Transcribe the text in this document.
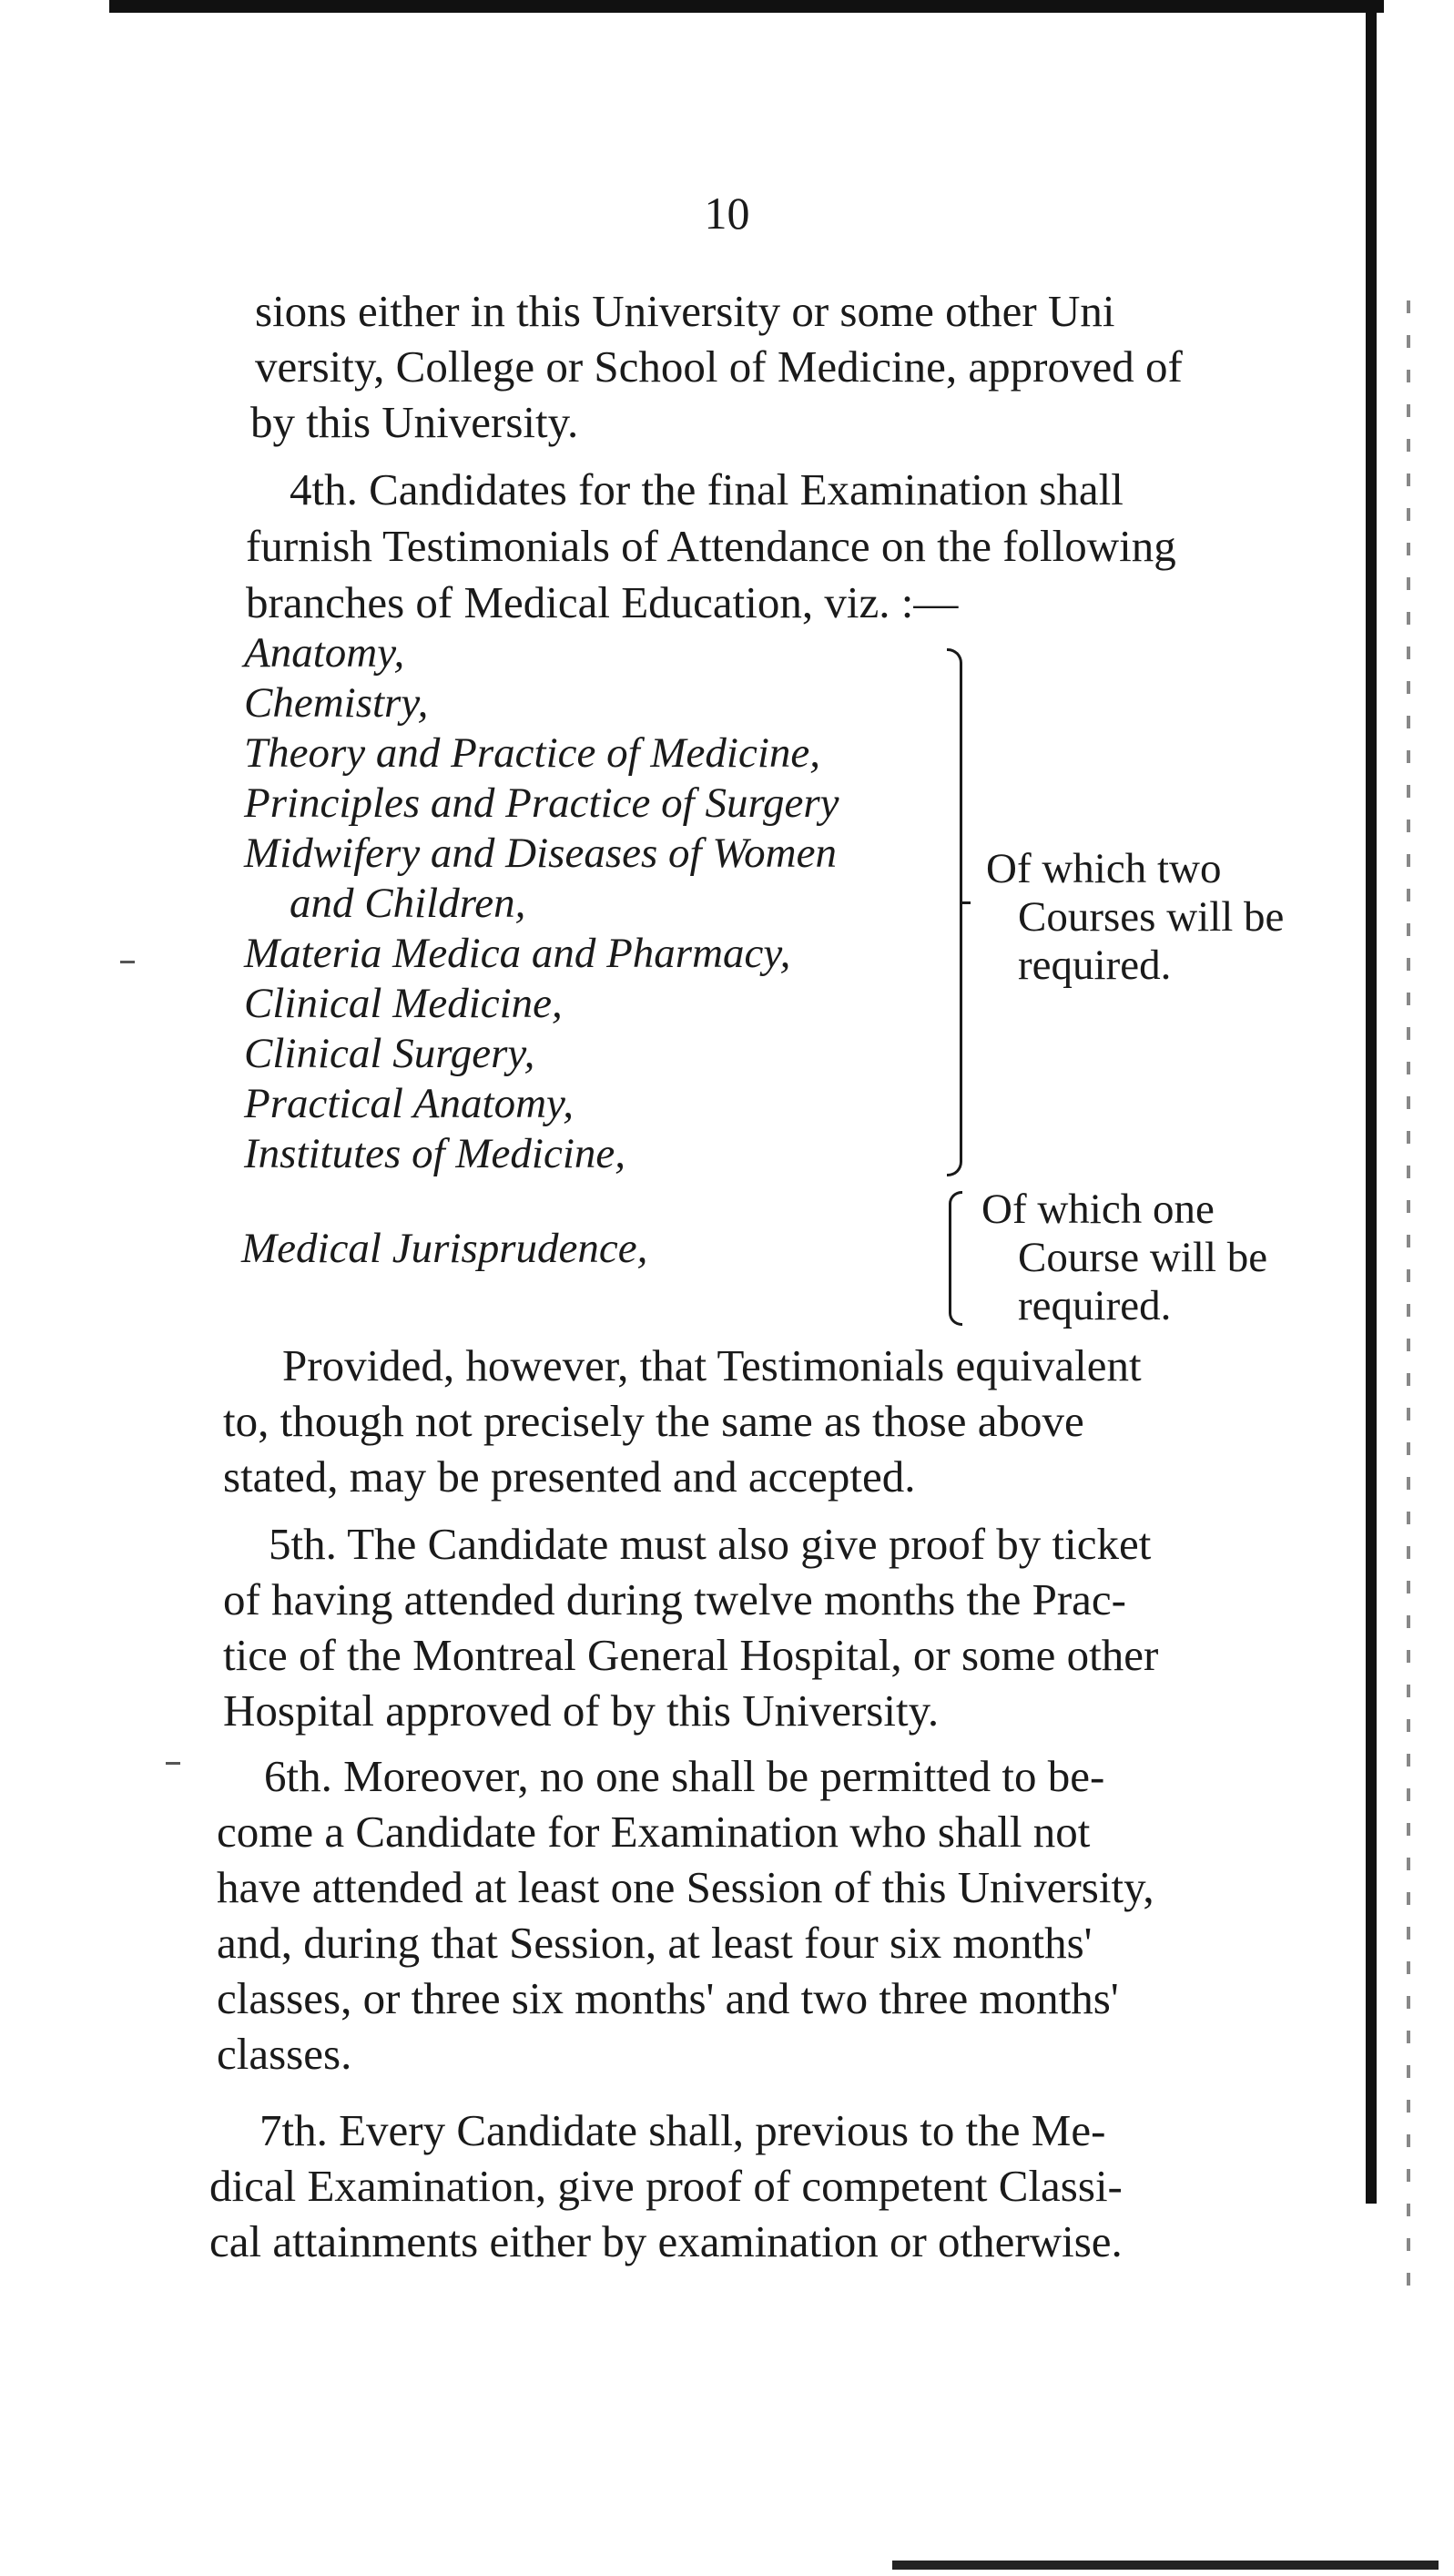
10
sions either in this University or some other Uni
versity, College or School of Medicine, approved of
by this University.
4th. Candidates for the final Examination shall
furnish Testimonials of Attendance on the following
branches of Medical Education, viz. :—
Anatomy,
Chemistry,
Theory and Practice of Medicine,
Principles and Practice of Surgery
Midwifery and Diseases of Women
and Children,
Materia Medica and Pharmacy,
Clinical Medicine,
Clinical Surgery,
Practical Anatomy,
Institutes of Medicine,
Of which two
Courses will be
required.
Medical Jurisprudence,
Of which one
Course will be
required.
Provided, however, that Testimonials equivalent
to, though not precisely the same as those above
stated, may be presented and accepted.
5th. The Candidate must also give proof by ticket
of having attended during twelve months the Prac-
tice of the Montreal General Hospital, or some other
Hospital approved of by this University.
6th. Moreover, no one shall be permitted to be-
come a Candidate for Examination who shall not
have attended at least one Session of this University,
and, during that Session, at least four six months'
classes, or three six months' and two three months'
classes.
7th. Every Candidate shall, previous to the Me-
dical Examination, give proof of competent Classi-
cal attainments either by examination or otherwise.
